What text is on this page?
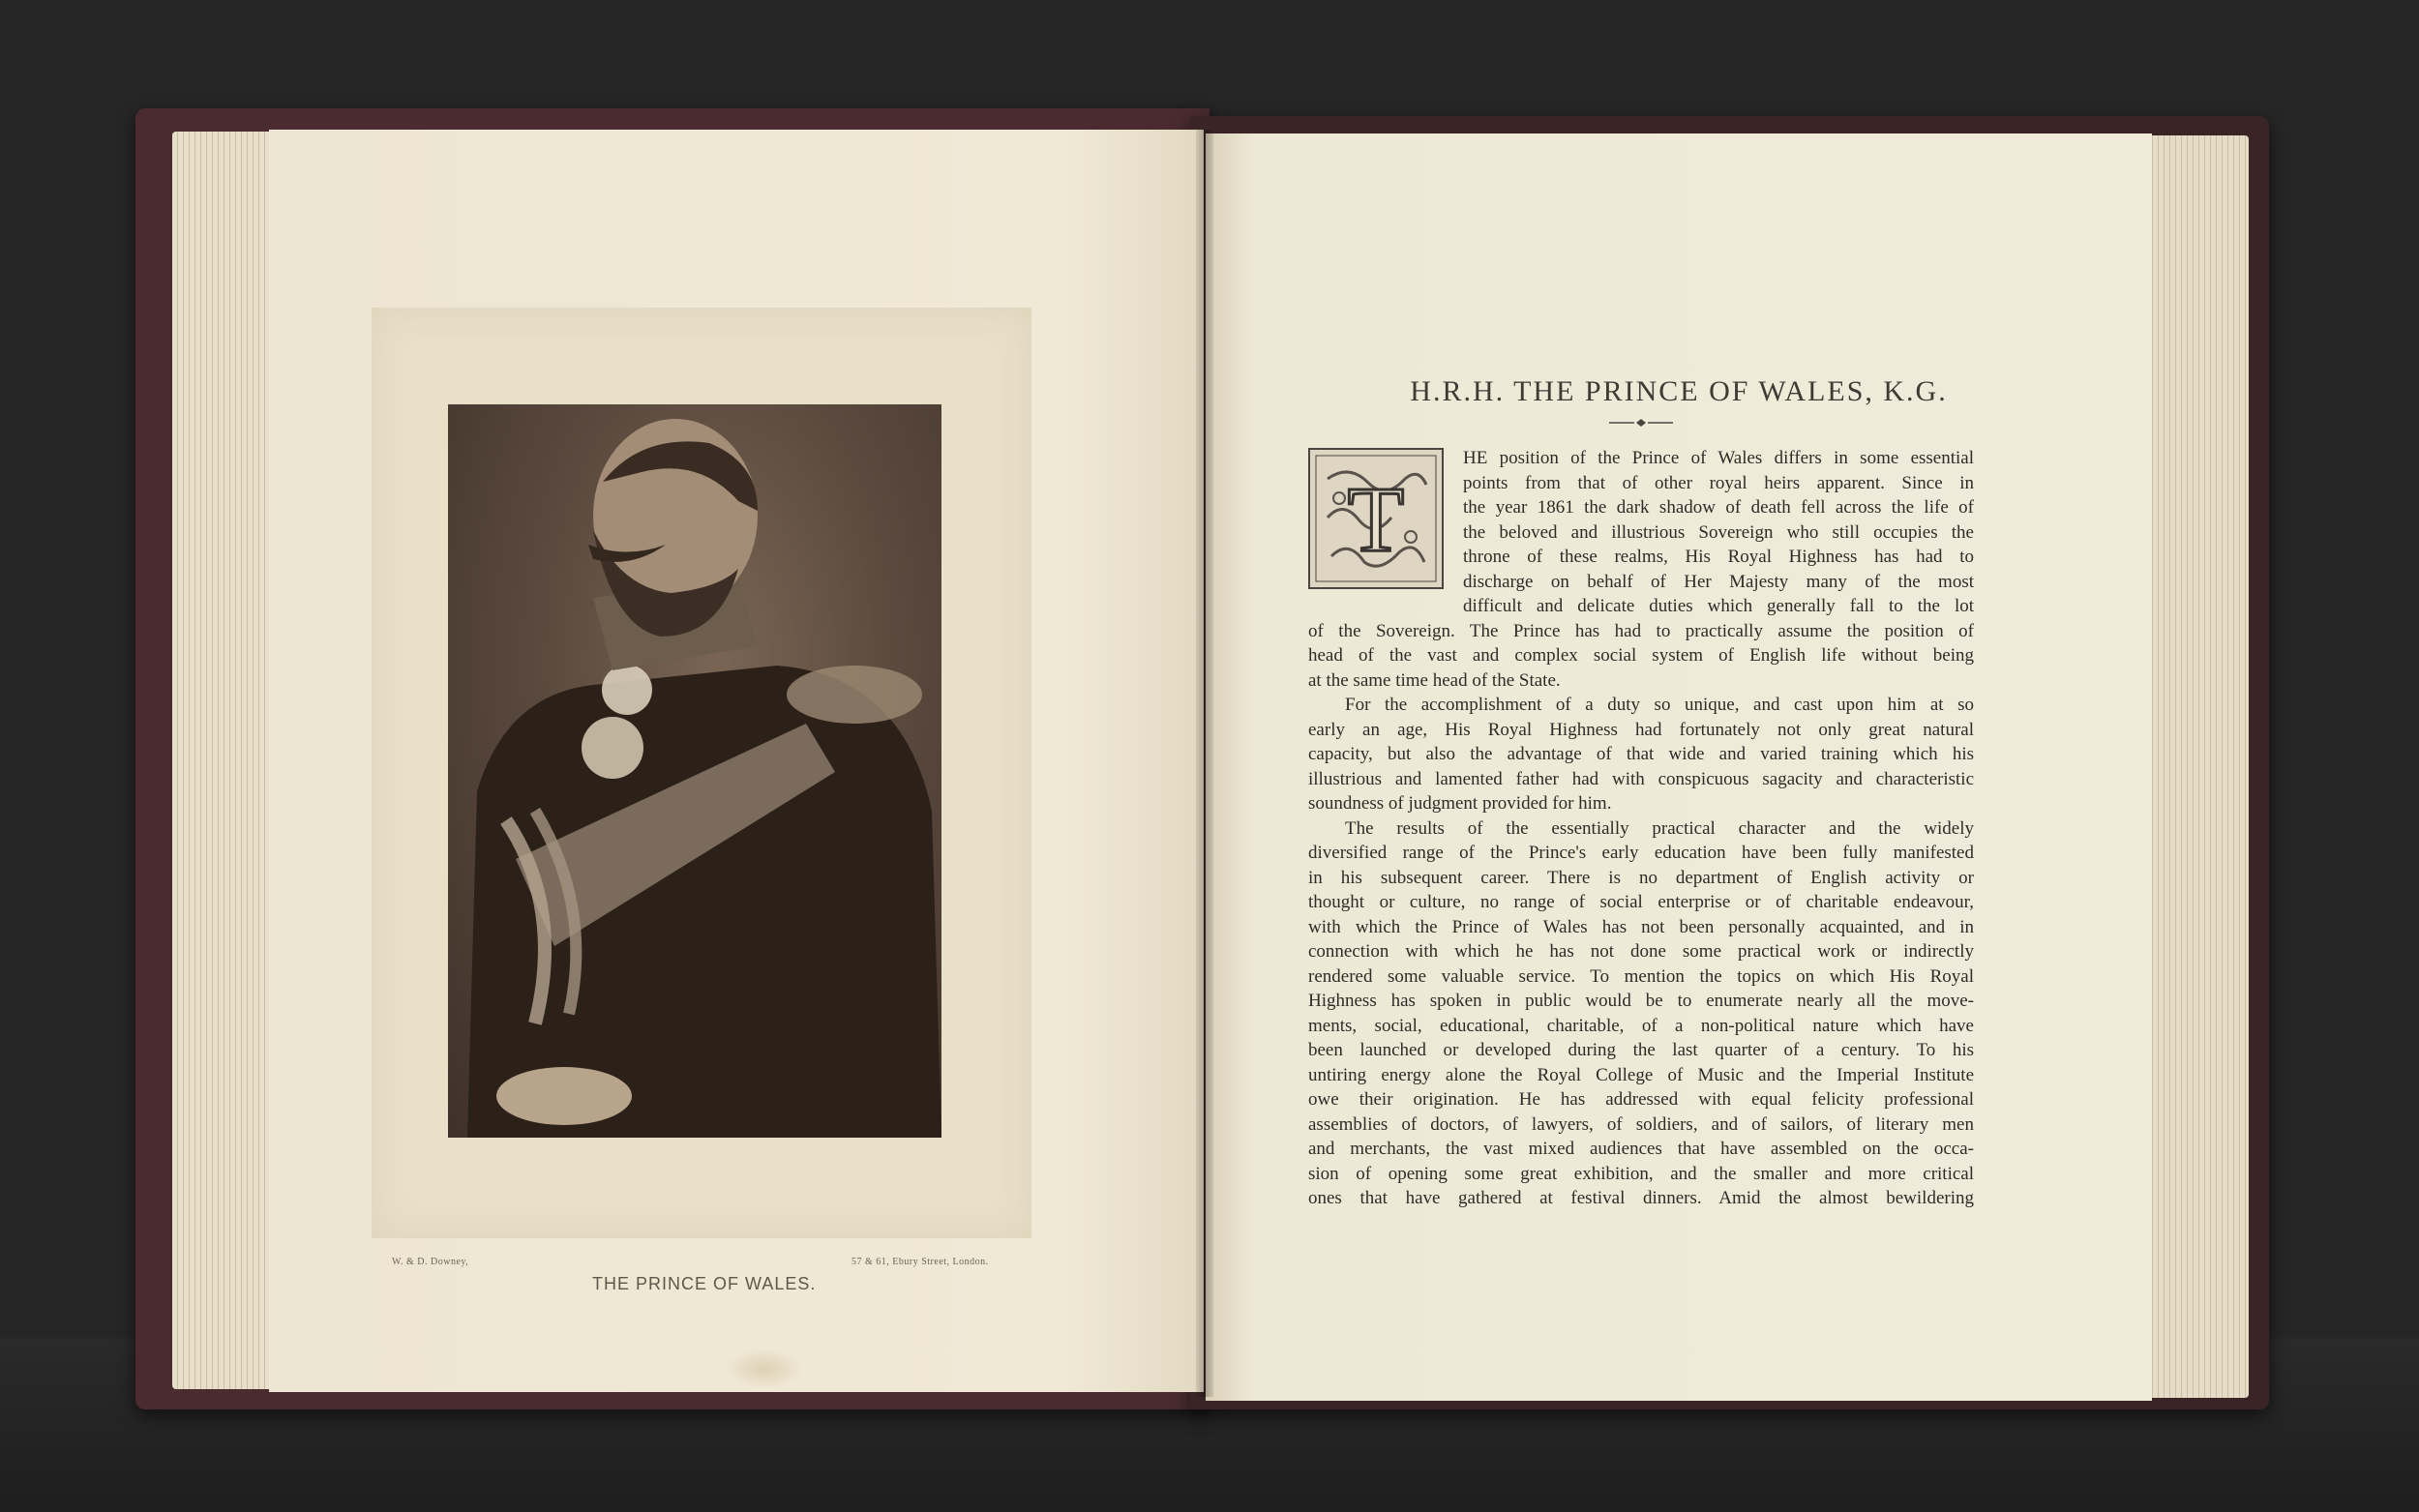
W. & D. Downey,	57 & 61, Ebury Street, London.
THE PRINCE OF WALES.
H.R.H. THE PRINCE OF WALES, K.G.
T
HE position of the Prince of Wales differs in some essential
points from that of other royal heirs apparent. Since in
the year 1861 the dark shadow of death fell across the life of
the beloved and illustrious Sovereign who still occupies the
throne of these realms, His Royal Highness has had to
discharge on behalf of Her Majesty many of the most
difficult and delicate duties which generally fall to the lot
of the Sovereign. The Prince has had to practically assume the position of
head of the vast and complex social system of English life without being
at the same time head of the State.
For the accomplishment of a duty so unique, and cast upon him at so
early an age, His Royal Highness had fortunately not only great natural
capacity, but also the advantage of that wide and varied training which his
illustrious and lamented father had with conspicuous sagacity and characteristic
soundness of judgment provided for him.
The results of the essentially practical character and the widely
diversified range of the Prince's early education have been fully manifested
in his subsequent career. There is no department of English activity or
thought or culture, no range of social enterprise or of charitable endeavour,
with which the Prince of Wales has not been personally acquainted, and in
connection with which he has not done some practical work or indirectly
rendered some valuable service. To mention the topics on which His Royal
Highness has spoken in public would be to enumerate nearly all the move-
ments, social, educational, charitable, of a non-political nature which have
been launched or developed during the last quarter of a century. To his
untiring energy alone the Royal College of Music and the Imperial Institute
owe their origination. He has addressed with equal felicity professional
assemblies of doctors, of lawyers, of soldiers, and of sailors, of literary men
and merchants, the vast mixed audiences that have assembled on the occa-
sion of opening some great exhibition, and the smaller and more critical
ones that have gathered at festival dinners. Amid the almost bewildering
